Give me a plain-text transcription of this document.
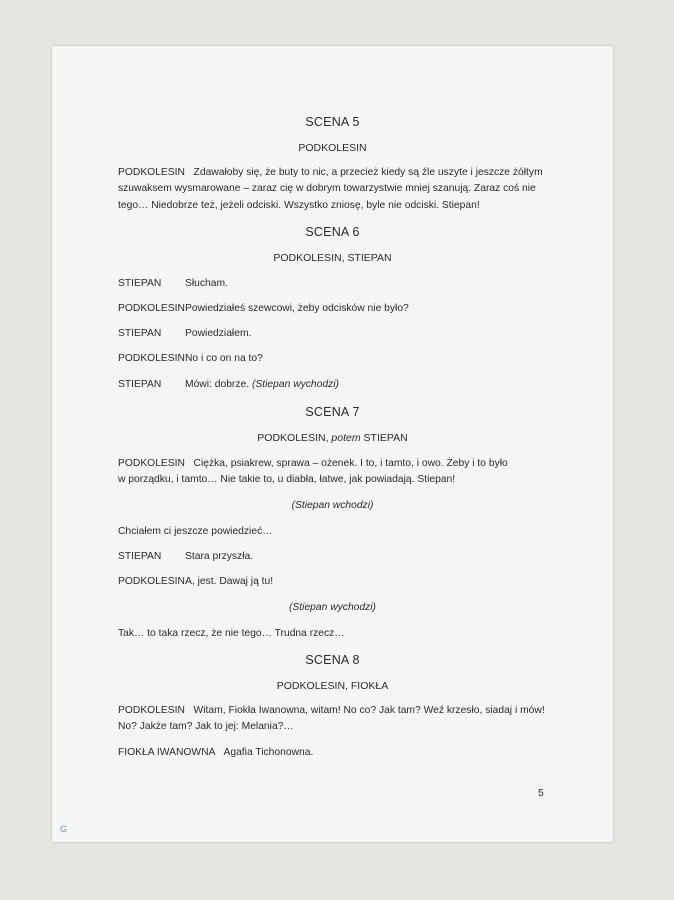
SCENA 5
PODKOLESIN
PODKOLESIN Zdawałoby się, że buty to nic, a przecież kiedy są źle uszyte i jeszcze żółtym
szuwaksem wysmarowane – zaraz cię w dobrym towarzystwie mniej szanują. Zaraz coś nie
tego… Niedobrze też, jeżeli odciski. Wszystko zniosę, byle nie odciski. Stiepan!
SCENA 6
PODKOLESIN, STIEPAN
STIEPAN Słucham.
PODKOLESIN Powiedziałeś szewcowi, żeby odcisków nie było?
STIEPAN Powiedziałem.
PODKOLESIN No i co on na to?
STIEPAN Mówi: dobrze. (Stiepan wychodzi)
SCENA 7
PODKOLESIN, potem STIEPAN
PODKOLESIN Ciężka, psiakrew, sprawa – ożenek. I to, i tamto, i owo. Żeby i to było
w porządku, i tamto… Nie takie to, u diabła, łatwe, jak powiadają. Stiepan!
(Stiepan wchodzi)
Chciałem ci jeszcze powiedzieć…
STIEPAN Stara przyszła.
PODKOLESIN A, jest. Dawaj ją tu!
(Stiepan wychodzi)
Tak… to taka rzecz, że nie tego… Trudna rzecz…
SCENA 8
PODKOLESIN, FIOKŁA
PODKOLESIN Witam, Fiokła Iwanowna, witam! No co? Jak tam? Weź krzesło, siadaj i mów!
No? Jakże tam? Jak to jej: Melania?…
FIOKŁA IWANOWNA Agafia Tichonowna.
5
G
